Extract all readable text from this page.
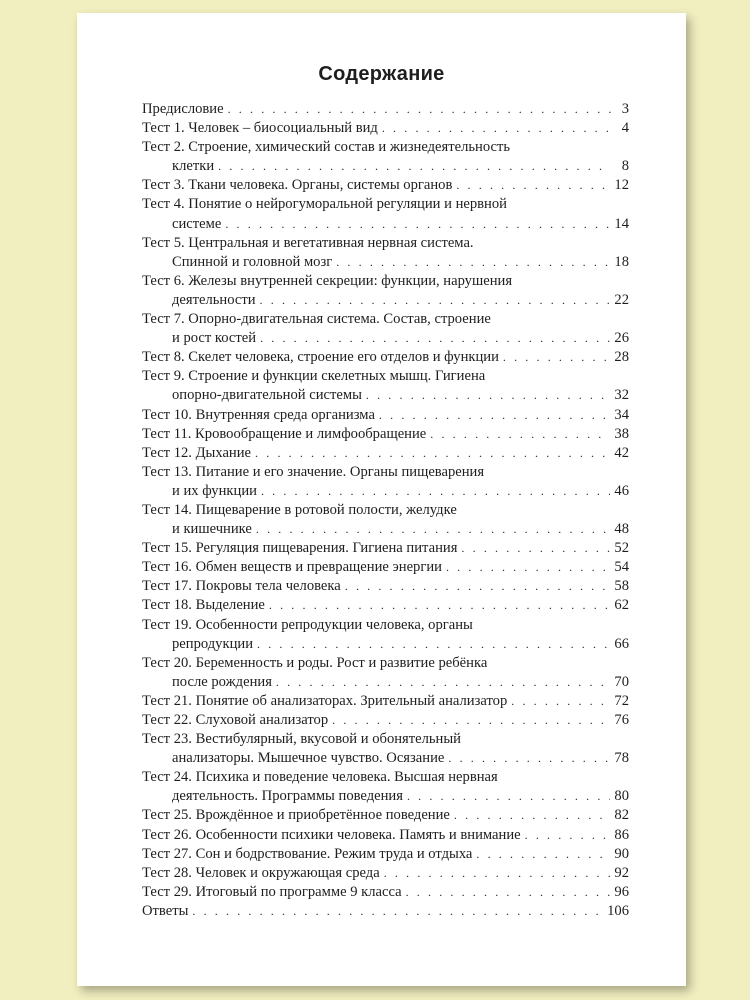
Содержание
Предисловие . . .	3
Тест 1. Человек – биосоциальный вид . . .	4
Тест 2. Строение, химический состав и жизнедеятельность
клетки . . .	8
Тест 3. Ткани человека. Органы, системы органов . . .	12
Тест 4. Понятие о нейрогуморальной регуляции и нервной
системе . . .	14
Тест 5. Центральная и вегетативная нервная система.
Спинной и головной мозг . . .	18
Тест 6. Железы внутренней секреции: функции, нарушения
деятельности . . .	22
Тест 7. Опорно-двигательная система. Состав, строение
и рост костей . . .	26
Тест 8. Скелет человека, строение его отделов и функции . . .	28
Тест 9. Строение и функции скелетных мышц. Гигиена
опорно-двигательной системы . . .	32
Тест 10. Внутренняя среда организма . . .	34
Тест 11. Кровообращение и лимфообращение . . .	38
Тест 12. Дыхание . . .	42
Тест 13. Питание и его значение. Органы пищеварения
и их функции . . .	46
Тест 14. Пищеварение в ротовой полости, желудке
и кишечнике . . .	48
Тест 15. Регуляция пищеварения. Гигиена питания . . .	52
Тест 16. Обмен веществ и превращение энергии . . .	54
Тест 17. Покровы тела человека . . .	58
Тест 18. Выделение . . .	62
Тест 19. Особенности репродукции человека, органы
репродукции . . .	66
Тест 20. Беременность и роды. Рост и развитие ребёнка
после рождения . . .	70
Тест 21. Понятие об анализаторах. Зрительный анализатор . . .	72
Тест 22. Слуховой анализатор . . .	76
Тест 23. Вестибулярный, вкусовой и обонятельный
анализаторы. Мышечное чувство. Осязание . . .	78
Тест 24. Психика и поведение человека. Высшая нервная
деятельность. Программы поведения . . .	80
Тест 25. Врождённое и приобретённое поведение . . .	82
Тест 26. Особенности психики человека. Память и внимание . . .	86
Тест 27. Сон и бодрствование. Режим труда и отдыха . . .	90
Тест 28. Человек и окружающая среда . . .	92
Тест 29. Итоговый по программе 9 класса . . .	96
Ответы . . .	106
